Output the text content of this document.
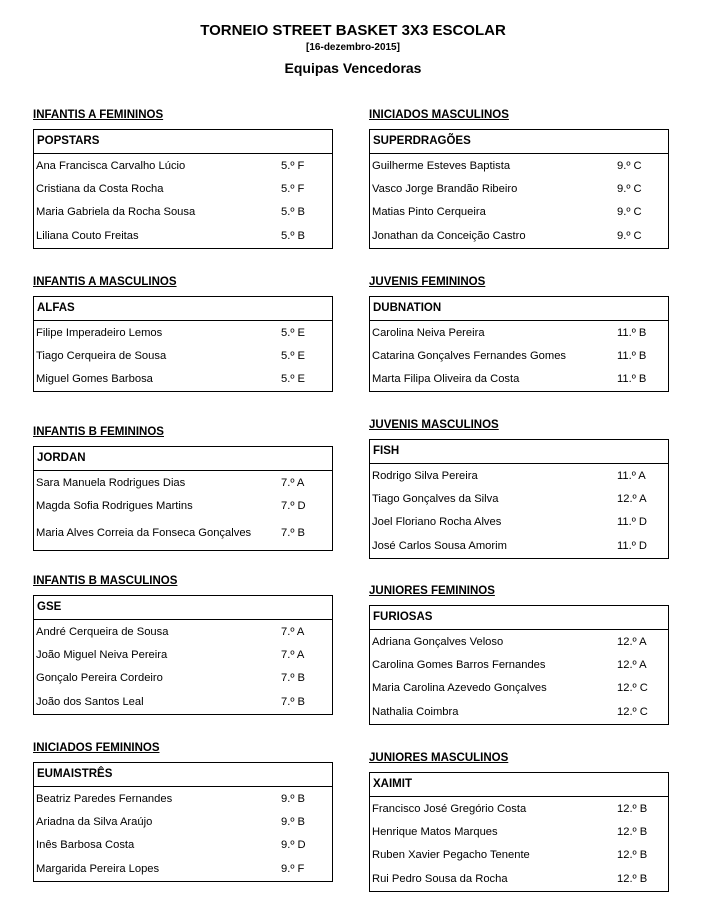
TORNEIO STREET BASKET 3X3 ESCOLAR
[16-dezembro-2015]
Equipas Vencedoras
INFANTIS A FEMININOS
POPSTARS
Ana Francisca Carvalho Lúcio	5.º F
Cristiana da Costa Rocha	5.º F
Maria Gabriela da Rocha Sousa	5.º B
Liliana Couto Freitas	5.º B
INFANTIS A MASCULINOS
ALFAS
Filipe Imperadeiro Lemos	5.º E
Tiago Cerqueira de Sousa	5.º E
Miguel Gomes Barbosa	5.º E
INFANTIS B FEMININOS
JORDAN
Sara Manuela Rodrigues Dias	7.º A
Magda Sofia Rodrigues Martins	7.º D
Maria Alves Correia da Fonseca Gonçalves	7.º B
INFANTIS B MASCULINOS
GSE
André Cerqueira de Sousa	7.º A
João Miguel Neiva Pereira	7.º A
Gonçalo Pereira Cordeiro	7.º B
João dos Santos Leal	7.º B
INICIADOS FEMININOS
EUMAISTRÊS
Beatriz Paredes Fernandes	9.º B
Ariadna da Silva Araújo	9.º B
Inês Barbosa Costa	9.º D
Margarida Pereira Lopes	9.º F
INICIADOS MASCULINOS
SUPERDRAGÕES
Guilherme Esteves Baptista	9.º C
Vasco Jorge Brandão Ribeiro	9.º C
Matias Pinto Cerqueira	9.º C
Jonathan da Conceição Castro	9.º C
JUVENIS FEMININOS
DUBNATION
Carolina Neiva Pereira	11.º B
Catarina Gonçalves Fernandes Gomes	11.º B
Marta Filipa Oliveira da Costa	11.º B
JUVENIS MASCULINOS
FISH
Rodrigo Silva Pereira	11.º A
Tiago Gonçalves da Silva	12.º A
Joel Floriano Rocha Alves	11.º D
José Carlos Sousa Amorim	11.º D
JUNIORES FEMININOS
FURIOSAS
Adriana Gonçalves Veloso	12.º A
Carolina Gomes Barros Fernandes	12.º A
Maria Carolina Azevedo Gonçalves	12.º C
Nathalia Coimbra	12.º C
JUNIORES MASCULINOS
XAIMIT
Francisco José Gregório Costa	12.º B
Henrique Matos Marques	12.º B
Ruben Xavier Pegacho Tenente	12.º B
Rui Pedro Sousa da Rocha	12.º B
